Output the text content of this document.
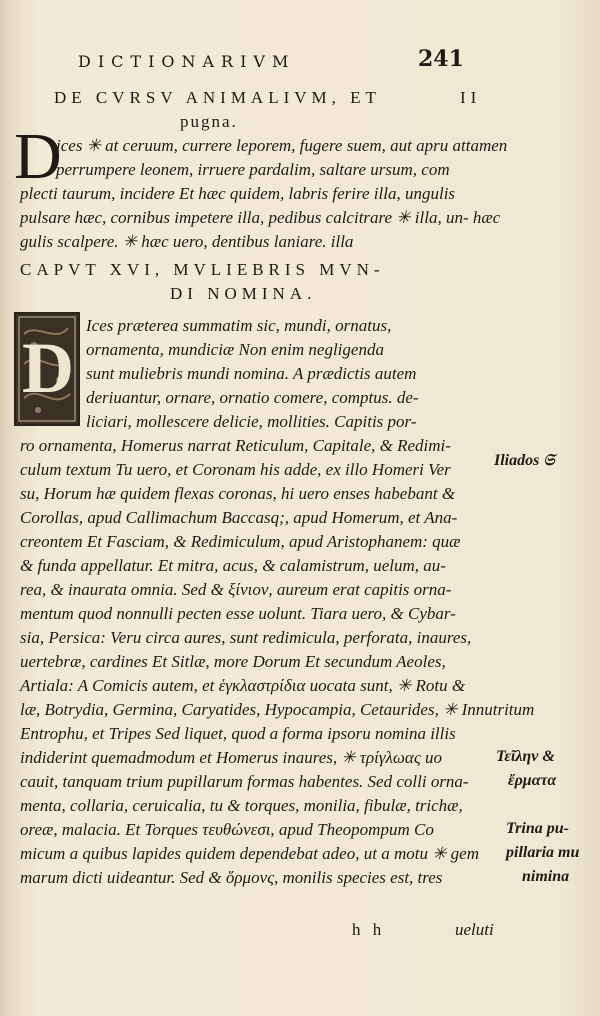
DICTIONARIVM	241
DE CVRSV ANIMALIVM, ET	II
pugna.
D
ices ✳ at ceruum, currere leporem, fugere suem, aut apru attamen
perrumpere leonem, irruere pardalim, saltare ursum, com
plecti taurum, incidere Et hæc quidem, labris ferire illa, ungulis
pulsare hæc, cornibus impetere illa, pedibus calcitrare ✳ illa, un- hæc
gulis scalpere. ✳ hæc uero, dentibus laniare. illa
CAPVT XVI, MVLIEBRIS MVN-
DI NOMINA.
D
Ices præterea summatim sic, mundi, ornatus,
ornamenta, mundiciæ Non enim negligenda
sunt muliebris mundi nomina. A prædictis autem
deriuantur, ornare, ornatio comere, comptus. de-
liciari, mollescere delicie, mollities. Capitis por-
ro ornamenta, Homerus narrat Reticulum, Capitale, & Redimi-
culum textum Tu uero, et Coronam his adde, ex illo Homeri Ver
su, Horum hæ quidem flexas coronas, hi uero enses habebant &
Corollas, apud Callimachum Baccasq;, apud Homerum, et Ana-
creontem Et Fasciam, & Redimiculum, apud Aristophanem: quæ
& funda appellatur. Et mitra, acus, & calamistrum, uelum, au-
rea, & inaurata omnia. Sed & ξίνιον, aureum erat capitis orna-
mentum quod nonnulli pecten esse uolunt. Tiara uero, & Cybar-
sia, Persica: Veru circa aures, sunt redimicula, perforata, inaures,
uertebræ, cardines Et Sitlæ, more Dorum Et secundum Aeoles,
Artiala: A Comicis autem, et ἑγκλαστρίδια uocata sunt, ✳ Rotu &
læ, Botrydia, Germina, Caryatides, Hypocampia, Cetaurides, ✳ Innutritum
Entrophu, et Tripes Sed liquet, quod a forma ipsoru nomina illis
indiderint quemadmodum et Homerus inaures, ✳ τρίγλωας uo
cauit, tanquam trium pupillarum formas habentes. Sed colli orna-
menta, collaria, ceruicalia, tu & torques, monilia, fibulæ, trichæ,
oreæ, malacia. Et Torques τευθώνεσι, apud Theopompum Co
micum a quibus lapides quidem dependebat adeo, ut a motu ✳ gem
marum dicti uideantur. Sed & ὅρμονς, monilis species est, tres
Iliados 𝔖
Τεῖλην &
ἔρματα
Trina pu-
pillaria mu
nimina
h h	ueluti
